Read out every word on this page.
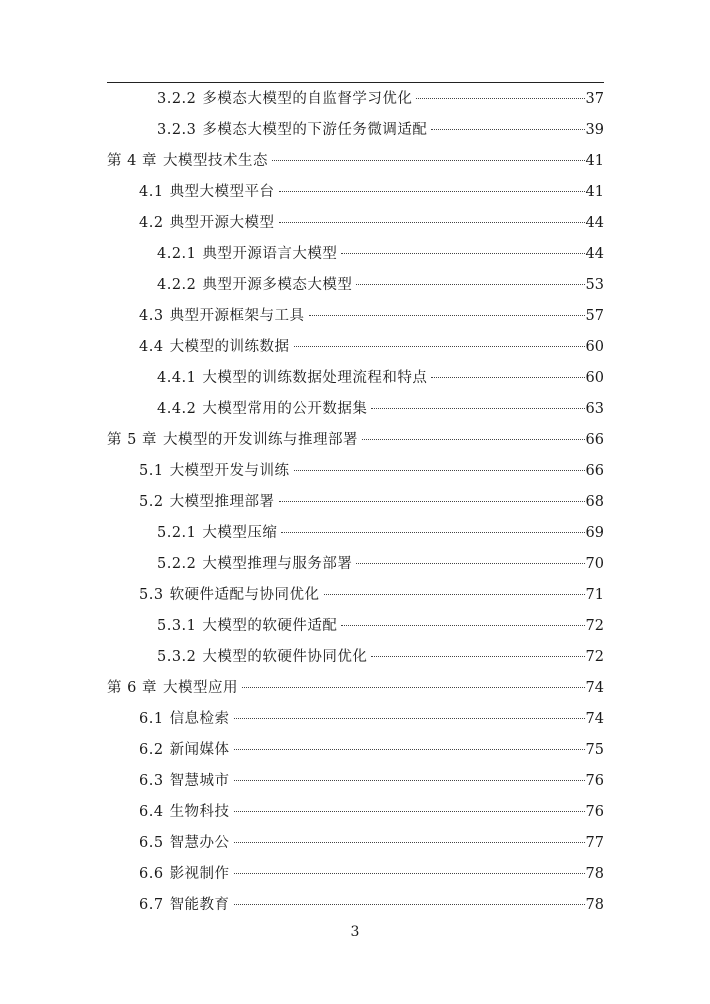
3.2.2 多模态大模型的自监督学习优化	37
3.2.3 多模态大模型的下游任务微调适配	39
第 4 章 大模型技术生态	41
4.1 典型大模型平台	41
4.2 典型开源大模型	44
4.2.1 典型开源语言大模型	44
4.2.2 典型开源多模态大模型	53
4.3 典型开源框架与工具	57
4.4 大模型的训练数据	60
4.4.1 大模型的训练数据处理流程和特点	60
4.4.2 大模型常用的公开数据集	63
第 5 章 大模型的开发训练与推理部署	66
5.1 大模型开发与训练	66
5.2 大模型推理部署	68
5.2.1 大模型压缩	69
5.2.2 大模型推理与服务部署	70
5.3 软硬件适配与协同优化	71
5.3.1 大模型的软硬件适配	72
5.3.2 大模型的软硬件协同优化	72
第 6 章 大模型应用	74
6.1 信息检索	74
6.2 新闻媒体	75
6.3 智慧城市	76
6.4 生物科技	76
6.5 智慧办公	77
6.6 影视制作	78
6.7 智能教育	78
3
